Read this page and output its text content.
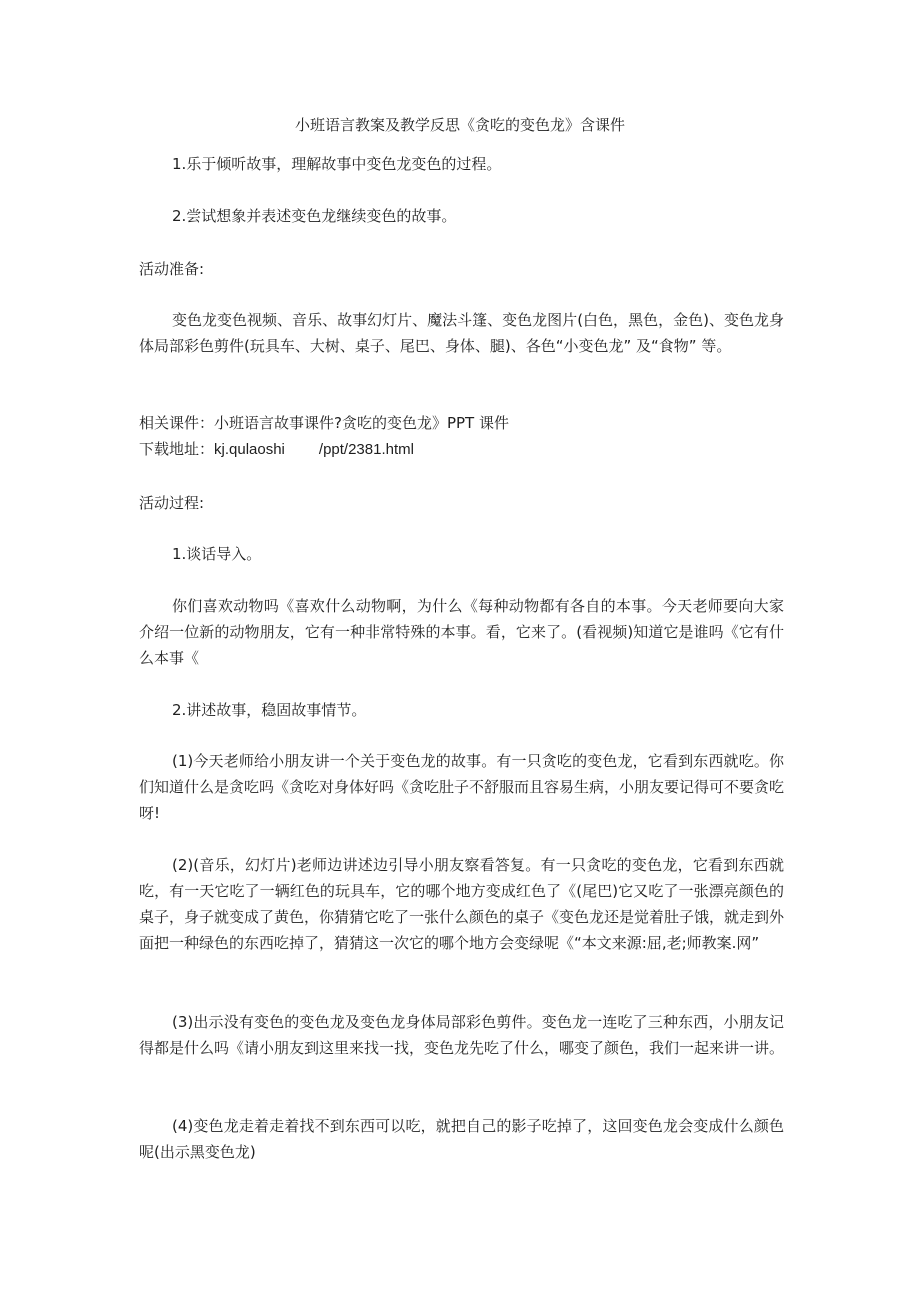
小班语言教案及教学反思《贪吃的变色龙》含课件

1.乐于倾听故事，理解故事中变色龙变色的过程。

2.尝试想象并表述变色龙继续变色的故事。

活动准备:

变色龙变色视频、音乐、故事幻灯片、魔法斗篷、变色龙图片(白色，黑色，金色)、变色龙身体局部彩色剪件(玩具车、大树、桌子、尾巴、身体、腿)、各色“小变色龙” 及“食物” 等。

相关课件：小班语言故事课件?贪吃的变色龙》PPT 课件

下载地址：kj.qulaoshi /ppt/2381.html

活动过程:

1.谈话导入。

你们喜欢动物吗《喜欢什么动物啊，为什么《每种动物都有各自的本事。今天老师要向大家介绍一位新的动物朋友，它有一种非常特殊的本事。看，它来了。(看视频)知道它是谁吗《它有什么本事《

2.讲述故事，稳固故事情节。

(1)今天老师给小朋友讲一个关于变色龙的故事。有一只贪吃的变色龙，它看到东西就吃。你们知道什么是贪吃吗《贪吃对身体好吗《贪吃肚子不舒服而且容易生病，小朋友要记得可不要贪吃呀!

(2)(音乐，幻灯片)老师边讲述边引导小朋友察看答复。有一只贪吃的变色龙，它看到东西就吃，有一天它吃了一辆红色的玩具车，它的哪个地方变成红色了《(尾巴)它又吃了一张漂亮颜色的桌子，身子就变成了黄色，你猜猜它吃了一张什么颜色的桌子《变色龙还是觉着肚子饿，就走到外面把一种绿色的东西吃掉了，猜猜这一次它的哪个地方会变绿呢《“本文来源:屈,老;师教案.网”

(3)出示没有变色的变色龙及变色龙身体局部彩色剪件。变色龙一连吃了三种东西，小朋友记得都是什么吗《请小朋友到这里来找一找，变色龙先吃了什么，哪变了颜色，我们一起来讲一讲。

(4)变色龙走着走着找不到东西可以吃，就把自己的影子吃掉了，这回变色龙会变成什么颜色呢(出示黑变色龙)
